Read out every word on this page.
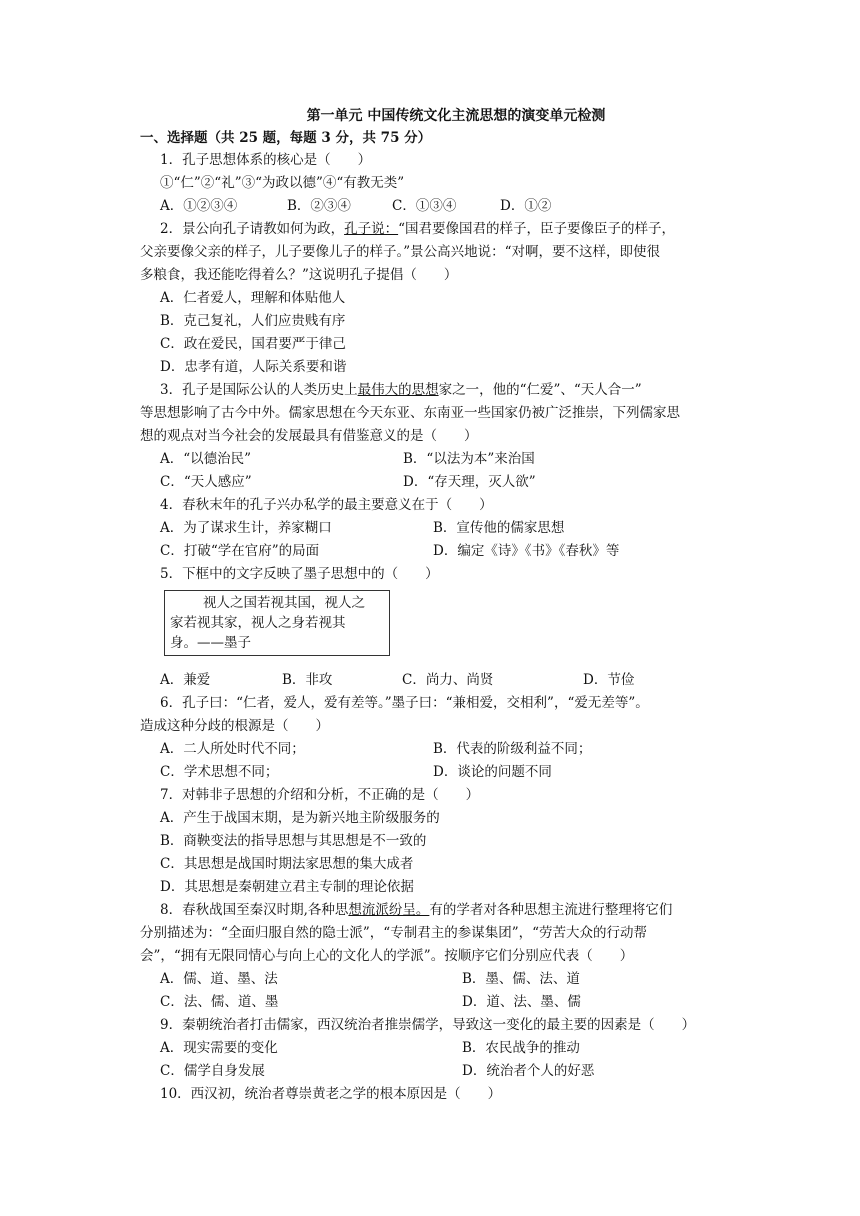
第一单元 中国传统文化主流思想的演变单元检测
一、选择题（共 25 题，每题 3 分，共 75 分）
1．孔子思想体系的核心是（　　）
①“仁”②“礼”③“为政以德”④“有教无类”
A．①②③④	B．②③④	C．①③④	D．①②
2．景公向孔子请教如何为政，孔子说：“国君要像国君的样子，臣子要像臣子的样子，
父亲要像父亲的样子，儿子要像儿子的样子。”景公高兴地说：“对啊，要不这样，即使很
多粮食，我还能吃得着么？”这说明孔子提倡（　　）
A．仁者爱人，理解和体贴他人
B．克己复礼，人们应贵贱有序
C．政在爱民，国君要严于律己
D．忠孝有道，人际关系要和谐
3．孔子是国际公认的人类历史上最伟大的思想家之一，他的“仁爱”、“天人合一”
等思想影响了古今中外。儒家思想在今天东亚、东南亚一些国家仍被广泛推崇，下列儒家思
想的观点对当今社会的发展最具有借鉴意义的是（　　）
A．“以德治民”	B．“以法为本”来治国
C．“天人感应”	D．“存天理，灭人欲”
4．春秋末年的孔子兴办私学的最主要意义在于（　　）
A．为了谋求生计，养家糊口	B．宣传他的儒家思想
C．打破“学在官府”的局面	D．编定《诗》《书》《春秋》等
5．下框中的文字反映了墨子思想中的（　　）
视人之国若视其国，视人之
家若视其家，视人之身若视其
身。——墨子
A．兼爱	B．非攻	C．尚力、尚贤	D．节俭
6．孔子曰：“仁者，爱人，爱有差等。”墨子曰：“兼相爱，交相利”，“爱无差等”。
造成这种分歧的根源是（　　）
A．二人所处时代不同；	B．代表的阶级利益不同；
C．学术思想不同；	D．谈论的问题不同
7．对韩非子思想的介绍和分析，不正确的是（　　）
A．产生于战国末期，是为新兴地主阶级服务的
B．商鞅变法的指导思想与其思想是不一致的
C．其思想是战国时期法家思想的集大成者
D．其思想是秦朝建立君主专制的理论依据
8．春秋战国至秦汉时期,各种思想流派纷呈。有的学者对各种思想主流进行整理将它们
分别描述为：“全面归服自然的隐士派”，“专制君主的参谋集团”，“劳苦大众的行动帮
会”，“拥有无限同情心与向上心的文化人的学派”。按顺序它们分别应代表（　　）
A．儒、道、墨、法	B．墨、儒、法、道
C．法、儒、道、墨	D．道、法、墨、儒
9．秦朝统治者打击儒家，西汉统治者推崇儒学，导致这一变化的最主要的因素是（　　）
A．现实需要的变化	B．农民战争的推动
C．儒学自身发展	D．统治者个人的好恶
10．西汉初，统治者尊崇黄老之学的根本原因是（　　）
